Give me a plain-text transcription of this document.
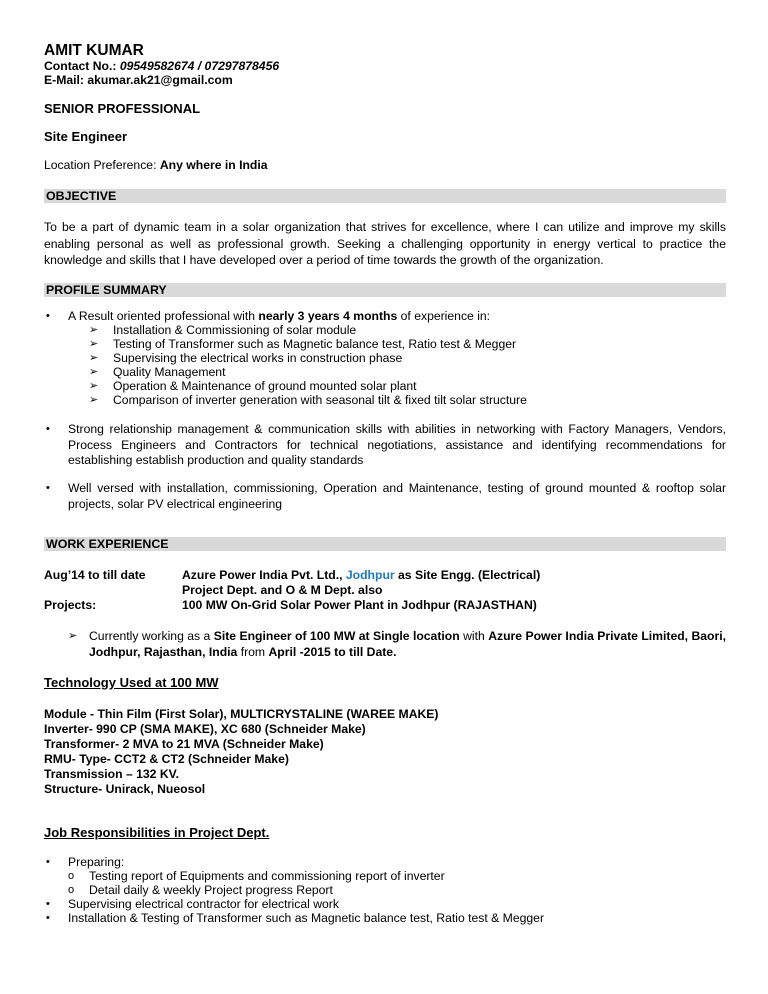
AMIT KUMAR
Contact No.: 09549582674 / 07297878456
E-Mail: akumar.ak21@gmail.com
SENIOR PROFESSIONAL
Site Engineer
Location Preference: Any where in India
OBJECTIVE
To be a part of dynamic team in a solar organization that strives for excellence, where I can utilize and improve my skills enabling personal as well as professional growth. Seeking a challenging opportunity in energy vertical to practice the knowledge and skills that I have developed over a period of time towards the growth of the organization.
PROFILE SUMMARY
• A Result oriented professional with nearly 3 years 4 months of experience in:
➢ Installation & Commissioning of solar module
➢ Testing of Transformer such as Magnetic balance test, Ratio test & Megger
➢ Supervising the electrical works in construction phase
➢ Quality Management
➢ Operation & Maintenance of ground mounted solar plant
➢ Comparison of inverter generation with seasonal tilt & fixed tilt solar structure
• Strong relationship management & communication skills with abilities in networking with Factory Managers, Vendors, Process Engineers and Contractors for technical negotiations, assistance and identifying recommendations for establishing establish production and quality standards
• Well versed with installation, commissioning, Operation and Maintenance, testing of ground mounted & rooftop solar projects, solar PV electrical engineering
WORK EXPERIENCE
Aug’14 to till date	Azure Power India Pvt. Ltd., Jodhpur as Site Engg. (Electrical)
Project Dept. and O & M Dept. also
Projects:	100 MW On-Grid Solar Power Plant in Jodhpur (RAJASTHAN)
➢ Currently working as a Site Engineer of 100 MW at Single location with Azure Power India Private Limited, Baori, Jodhpur, Rajasthan, India from April -2015 to till Date.
Technology Used at 100 MW
Module - Thin Film (First Solar), MULTICRYSTALINE (WAREE MAKE)
Inverter- 990 CP (SMA MAKE), XC 680 (Schneider Make)
Transformer- 2 MVA to 21 MVA (Schneider Make)
RMU- Type- CCT2 & CT2 (Schneider Make)
Transmission – 132 KV.
Structure- Unirack, Nueosol
Job Responsibilities in Project Dept.
• Preparing:
o Testing report of Equipments and commissioning report of inverter
o Detail daily & weekly Project progress Report
• Supervising electrical contractor for electrical work
• Installation & Testing of Transformer such as Magnetic balance test, Ratio test & Megger
